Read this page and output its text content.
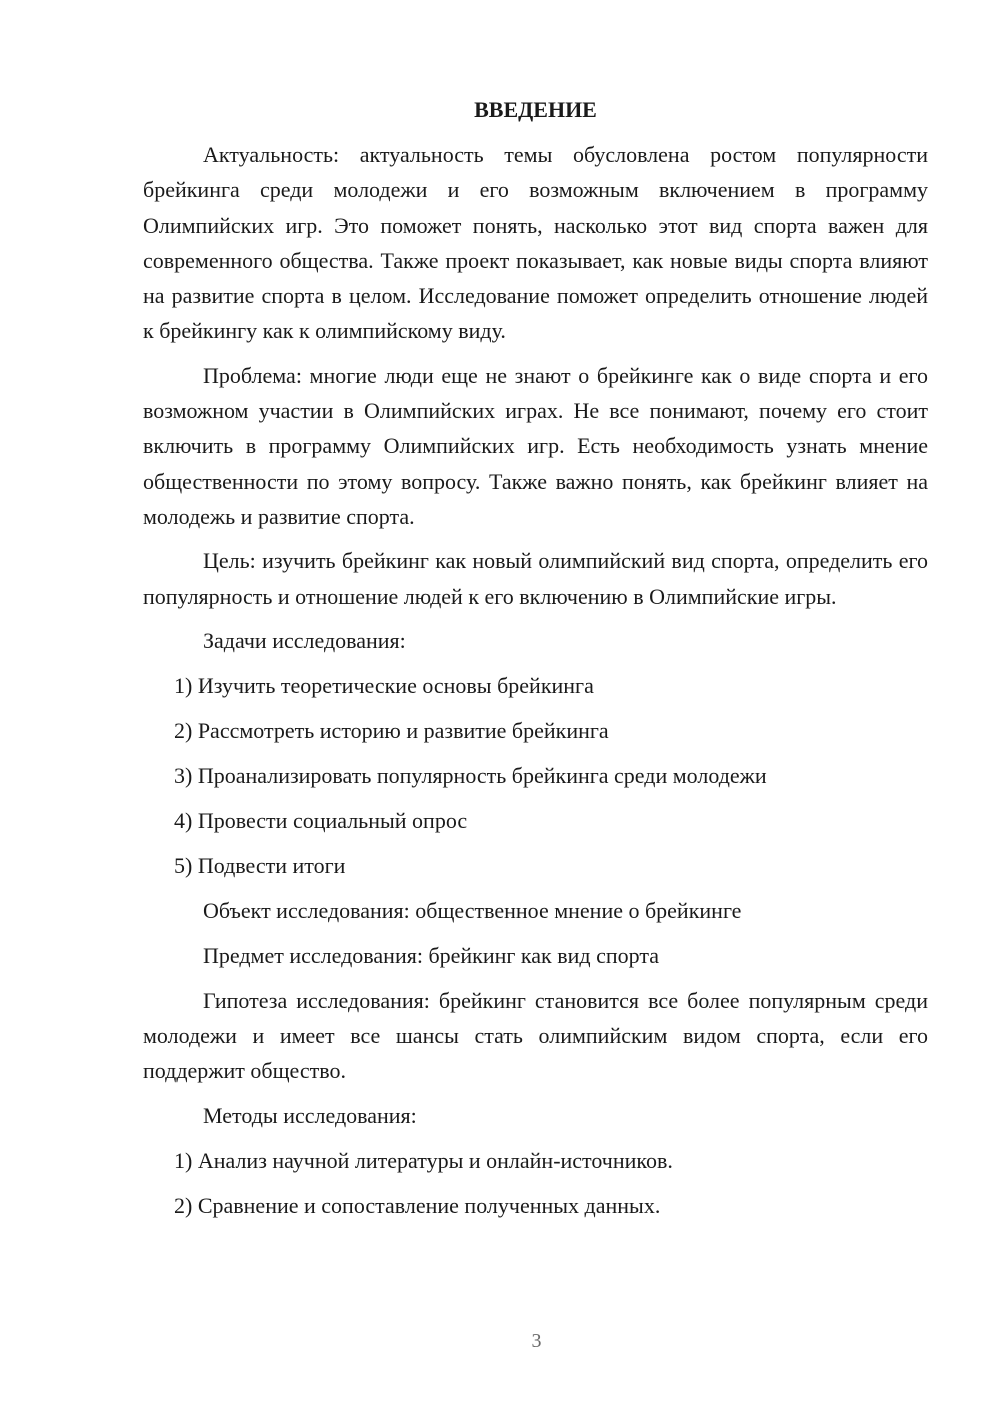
ВВЕДЕНИЕ

Актуальность: актуальность темы обусловлена ростом популярности брейкинга среди молодежи и его возможным включением в программу Олимпийских игр. Это поможет понять, насколько этот вид спорта важен для современного общества. Также проект показывает, как новые виды спорта влияют на развитие спорта в целом. Исследование поможет определить отношение людей к брейкингу как к олимпийскому виду.

Проблема: многие люди еще не знают о брейкинге как о виде спорта и его возможном участии в Олимпийских играх. Не все понимают, почему его стоит включить в программу Олимпийских игр. Есть необходимость узнать мнение общественности по этому вопросу. Также важно понять, как брейкинг влияет на молодежь и развитие спорта.

Цель: изучить брейкинг как новый олимпийский вид спорта, определить его популярность и отношение людей к его включению в Олимпийские игры.

Задачи исследования:
1) Изучить теоретические основы брейкинга
2) Рассмотреть историю и развитие брейкинга
3) Проанализировать популярность брейкинга среди молодежи
4) Провести социальный опрос
5) Подвести итоги
Объект исследования: общественное мнение о брейкинге
Предмет исследования: брейкинг как вид спорта

Гипотеза исследования: брейкинг становится все более популярным среди молодежи и имеет все шансы стать олимпийским видом спорта, если его поддержит общество.

Методы исследования:
1) Анализ научной литературы и онлайн-источников.
2) Сравнение и сопоставление полученных данных.
3
